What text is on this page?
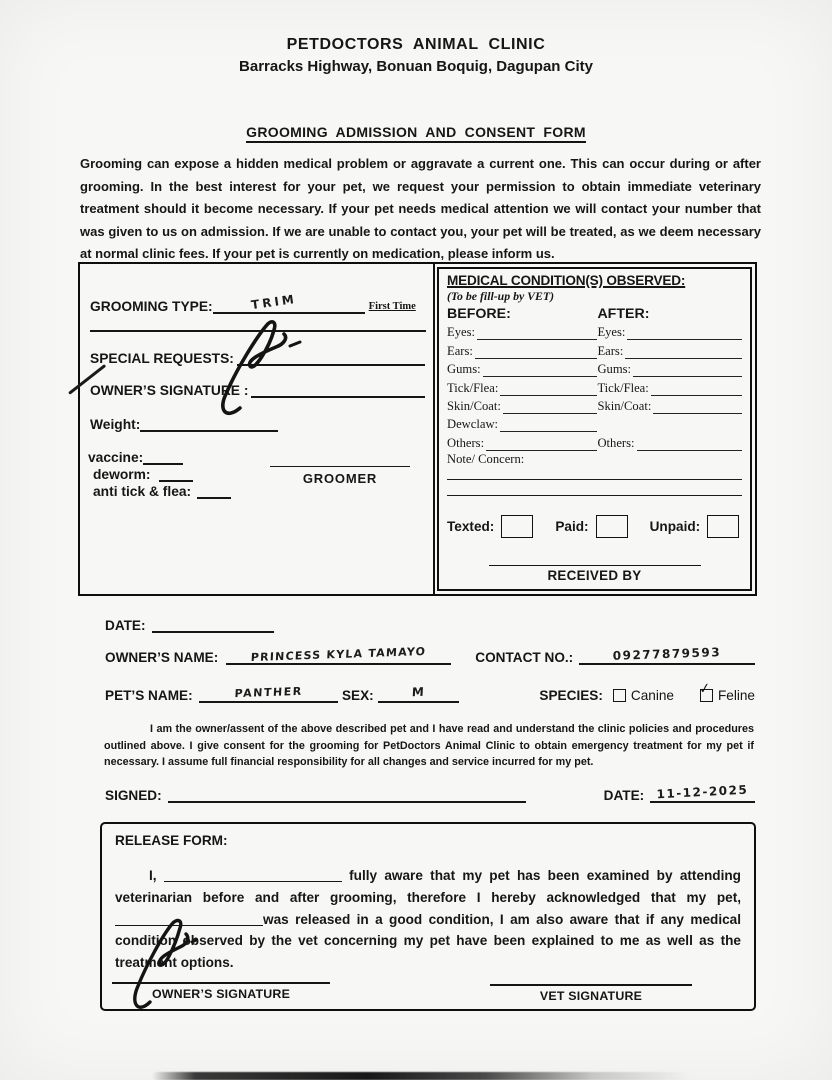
PETDOCTORS ANIMAL CLINIC
Barracks Highway, Bonuan Boquig, Dagupan City
GROOMING ADMISSION AND CONSENT FORM
Grooming can expose a hidden medical problem or aggravate a current one. This can occur during or after grooming. In the best interest for your pet, we request your permission to obtain immediate veterinary treatment should it become necessary. If your pet needs medical attention we will contact your number that was given to us on admission. If we are unable to contact you, your pet will be treated, as we deem necessary at normal clinic fees. If your pet is currently on medication, please inform us.
GROOMING TYPE:	TRIM	First Time
SPECIAL REQUESTS:
OWNER’S SIGNATURE :
Weight:
vaccine:
deworm:
anti tick & flea:
GROOMER
MEDICAL CONDITION(S) OBSERVED:
(To be fill-up by VET)
BEFORE:	AFTER:
Eyes:	Eyes:
Ears:	Ears:
Gums:	Gums:
Tick/Flea:	Tick/Flea:
Skin/Coat:	Skin/Coat:
Dewclaw:
Others:	Others:
Note/ Concern:
Texted:	Paid:	Unpaid:
RECEIVED BY
DATE:
OWNER’S NAME:	PRINCESS KYLA TAMAYO	CONTACT NO.:	09277879593
PET’S NAME:	PANTHER	SEX:	M	SPECIES: Canine ✓ Feline
I am the owner/assent of the above described pet and I have read and understand the clinic policies and procedures outlined above. I give consent for the grooming for PetDoctors Animal Clinic to obtain emergency treatment for my pet if necessary. I assume full financial responsibility for all changes and service incurred for my pet.
SIGNED:	DATE:	11-12-2025
RELEASE FORM:
I,	fully aware that my pet has been examined by attending veterinarian before and after grooming, therefore I hereby acknowledged that my pet, was released in a good condition, I am also aware that if any medical condition observed by the vet concerning my pet have been explained to me as well as the treatment options.
OWNER’S SIGNATURE	VET SIGNATURE
